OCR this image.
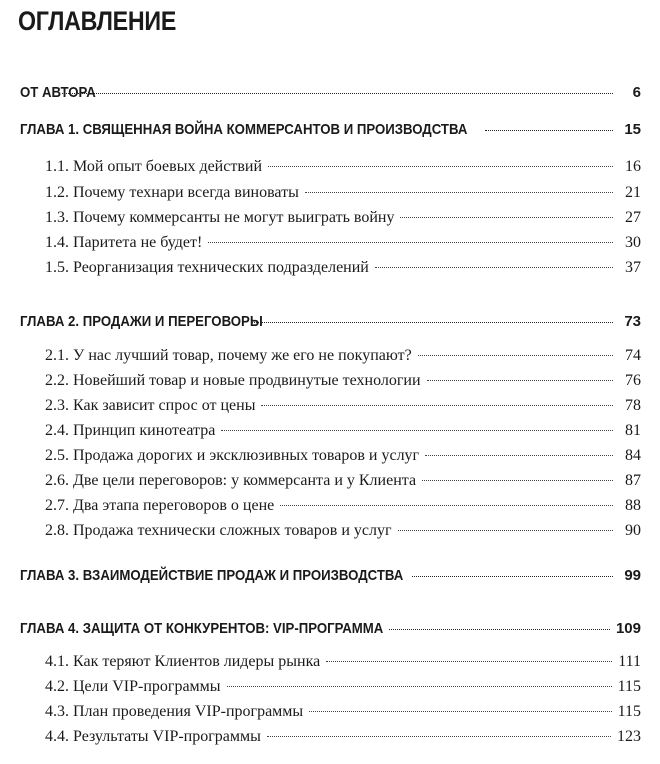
ОГЛАВЛЕНИЕ
ОТ АВТОРА	6
ГЛАВА 1. СВЯЩЕННАЯ ВОЙНА КОММЕРСАНТОВ И ПРОИЗВОДСТВА	15
1.1. Мой опыт боевых действий	16
1.2. Почему технари всегда виноваты	21
1.3. Почему коммерсанты не могут выиграть войну	27
1.4. Паритета не будет!	30
1.5. Реорганизация технических подразделений	37
ГЛАВА 2. ПРОДАЖИ И ПЕРЕГОВОРЫ	73
2.1. У нас лучший товар, почему же его не покупают?	74
2.2. Новейший товар и новые продвинутые технологии	76
2.3. Как зависит спрос от цены	78
2.4. Принцип кинотеатра	81
2.5. Продажа дорогих и эксклюзивных товаров и услуг	84
2.6. Две цели переговоров: у коммерсанта и у Клиента	87
2.7. Два этапа переговоров о цене	88
2.8. Продажа технически сложных товаров и услуг	90
ГЛАВА 3. ВЗАИМОДЕЙСТВИЕ ПРОДАЖ И ПРОИЗВОДСТВА	99
ГЛАВА 4. ЗАЩИТА ОТ КОНКУРЕНТОВ: VIP-ПРОГРАММА	109
4.1. Как теряют Клиентов лидеры рынка	111
4.2. Цели VIP-программы	115
4.3. План проведения VIP-программы	115
4.4. Результаты VIP-программы	123
